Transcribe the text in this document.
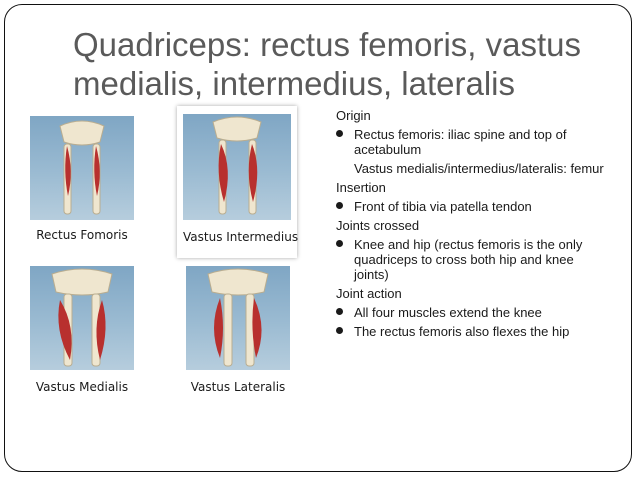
Quadriceps: rectus femoris, vastus medialis, intermedius, lateralis
Rectus Fomoris	Vastus Intermedius
Vastus Medialis	Vastus Lateralis

Origin

Rectus femoris: iliac spine and top of acetabulum

Vastus medialis/intermedius/lateralis: femur

Insertion

Front of tibia via patella tendon

Joints crossed

Knee and hip (rectus femoris is the only quadriceps to cross both hip and knee joints)

Joint action

All four muscles extend the knee
The rectus femoris also flexes the hip
